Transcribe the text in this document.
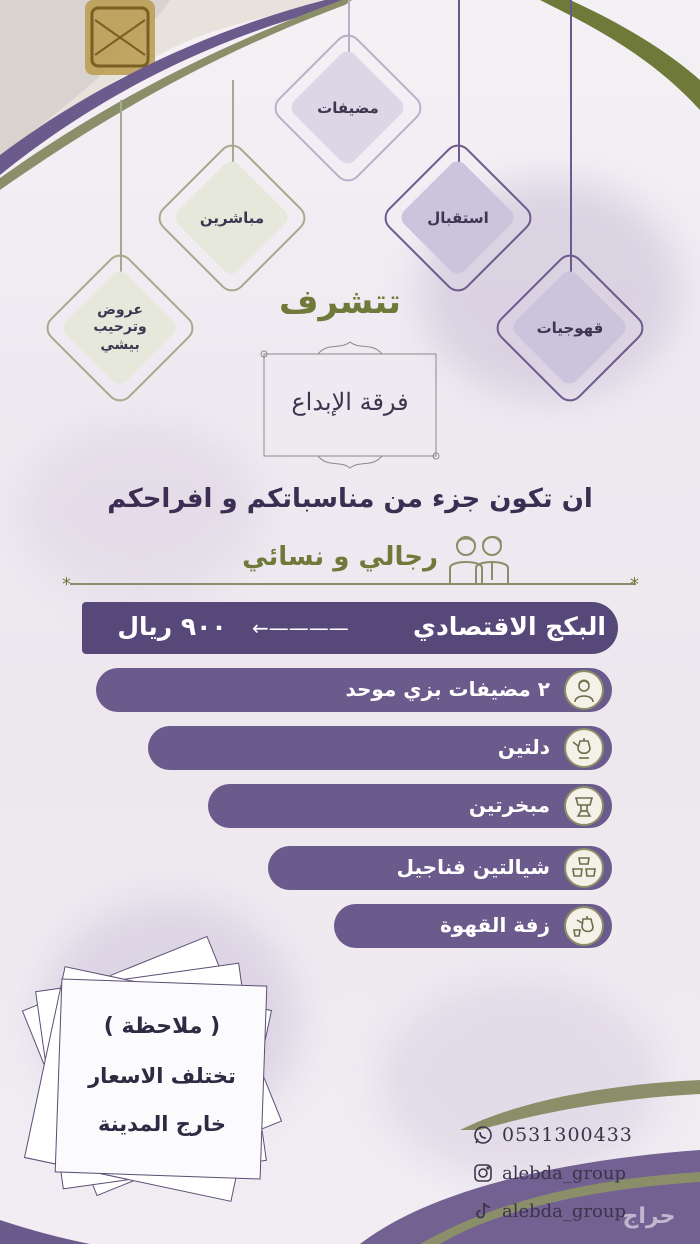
مضيفات
مباشرين	استقبال
عروض
وترحيب
بيشي
قهوجيات
تتشرف
فرقة الإبداع
ان تكون جزء من مناسباتكم و افراحكم
رجالي و نسائي
*	*
البكج الاقتصادي
←————
٩٠٠ ريال
٢ مضيفات بزي موحد
دلتين
مبخرتين
شيالتين فناجيل
زفة القهوة
( ملاحظة )
تختلف الاسعار
خارج المدينة	0531300433
alebda_group
alebda_group
حراج
